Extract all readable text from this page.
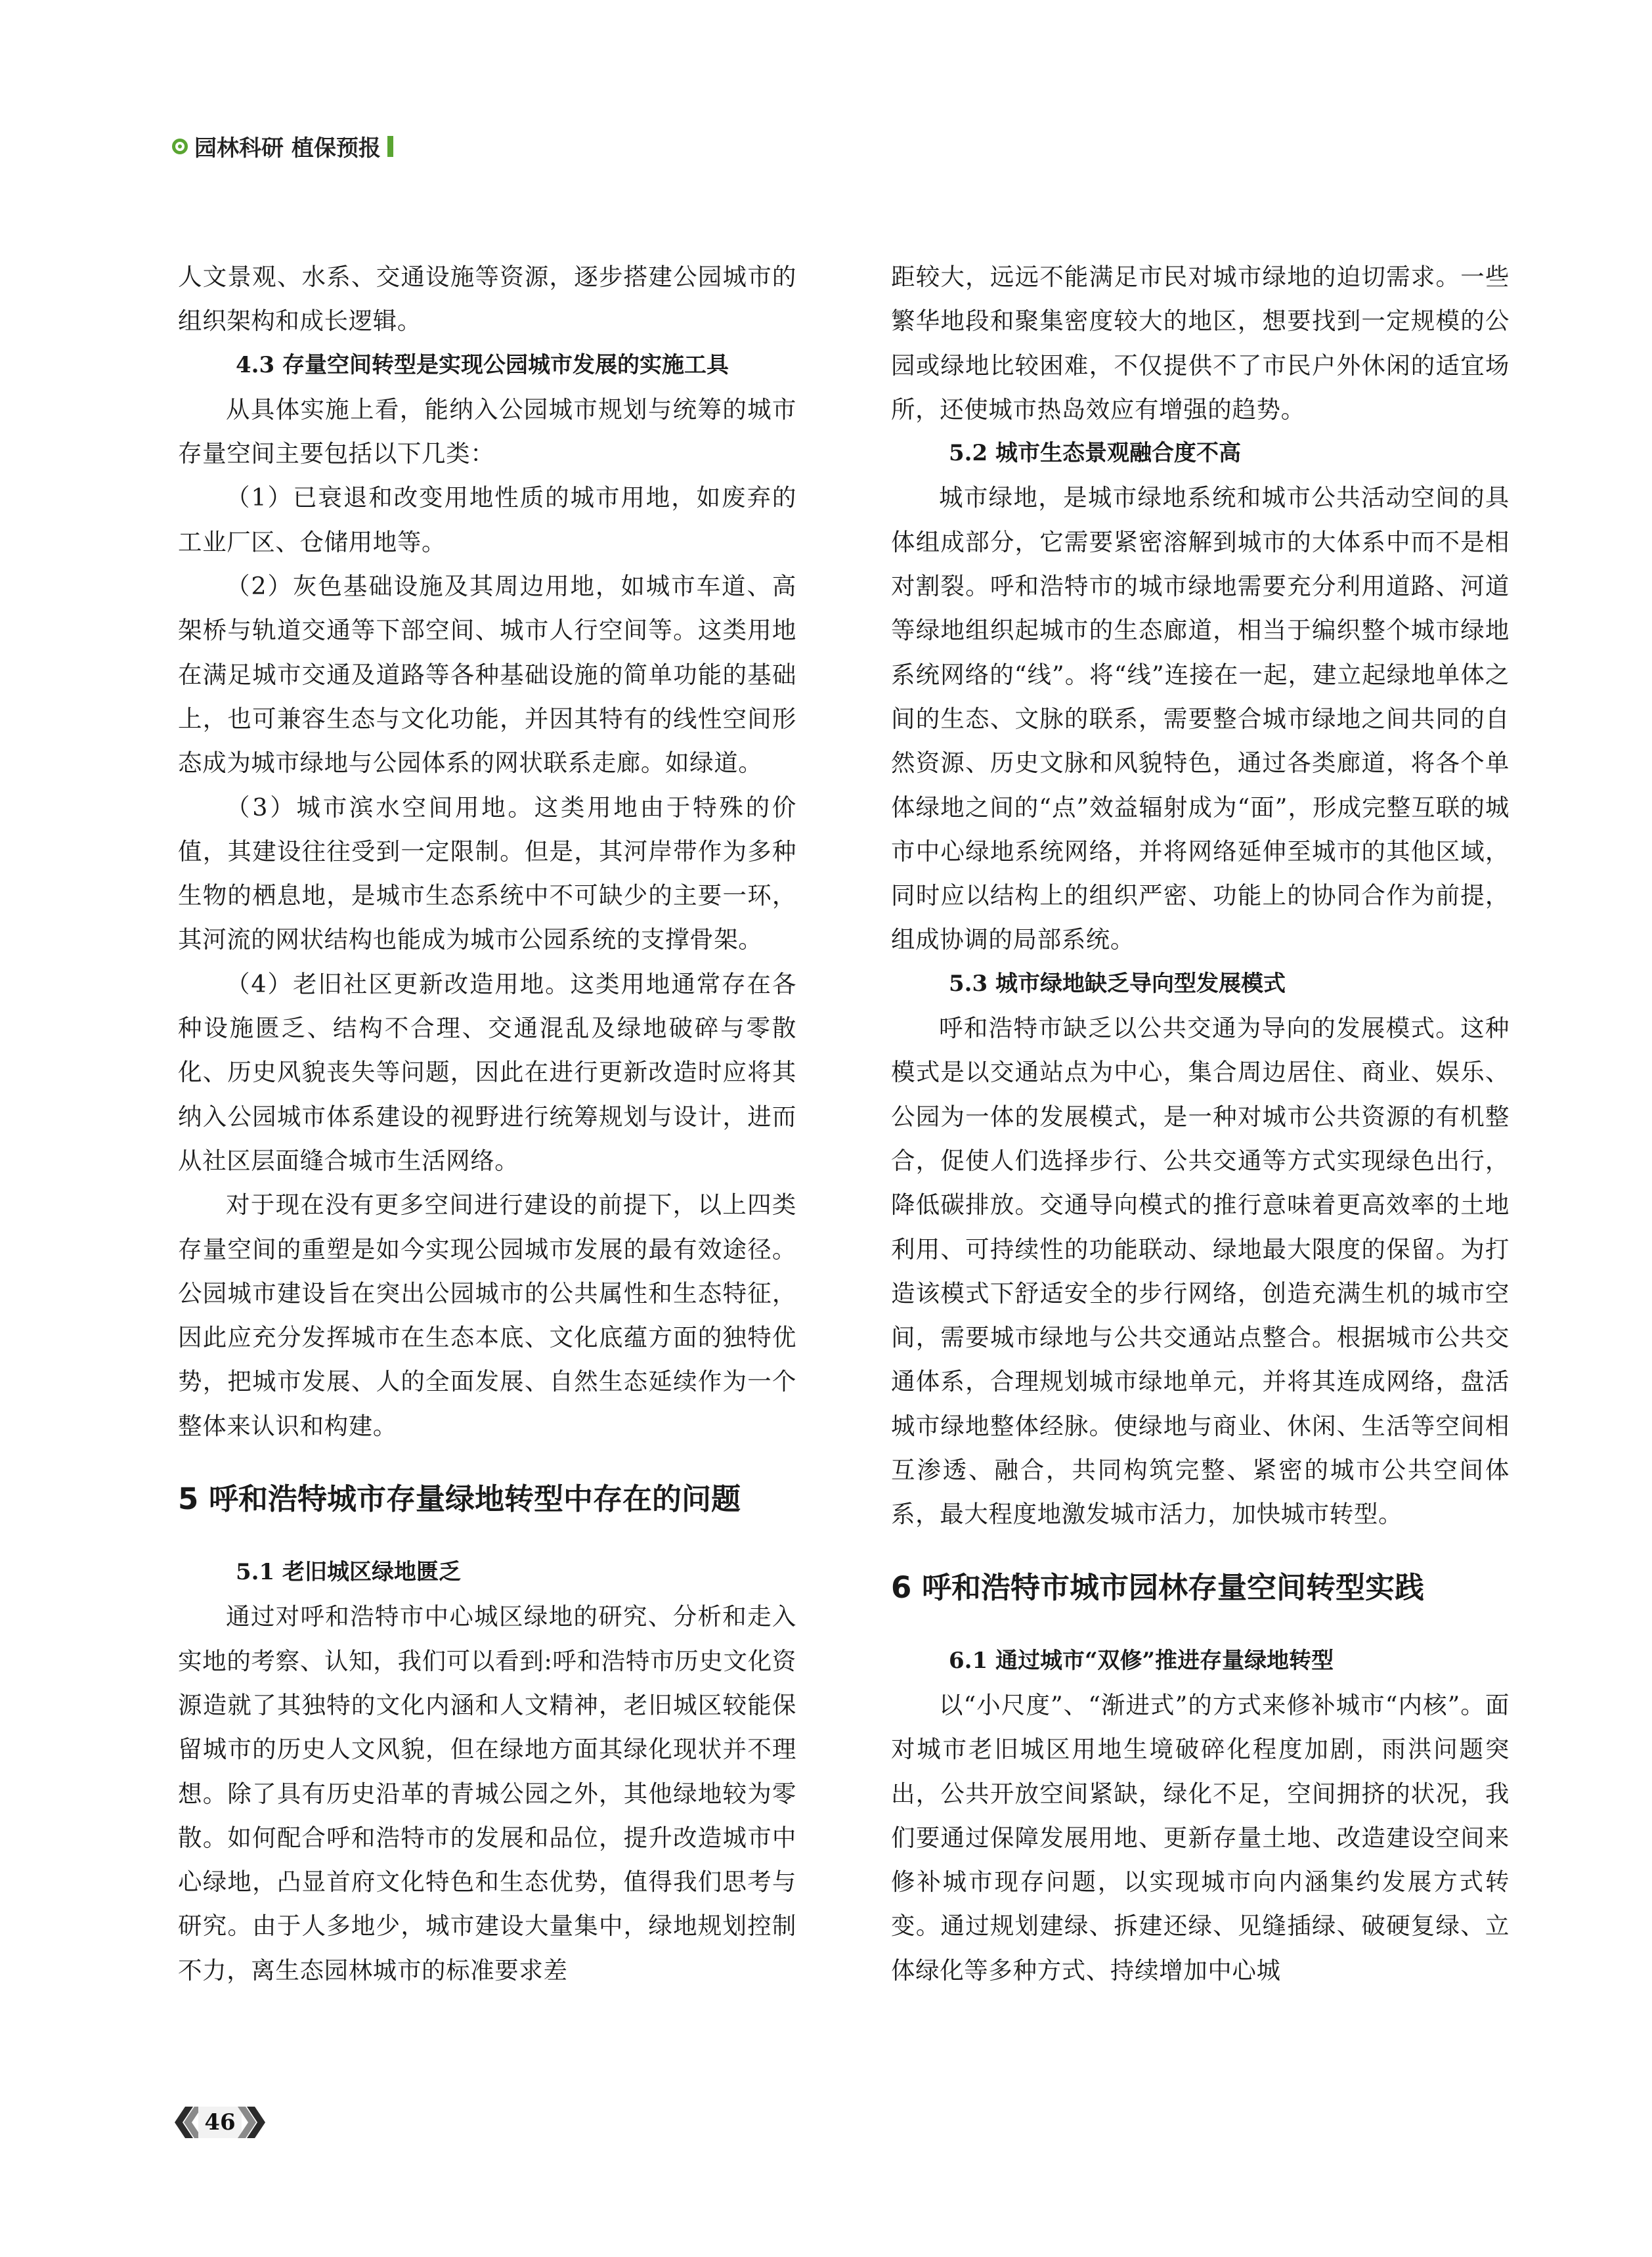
园林科研 植保预报

人文景观、水系、交通设施等资源，逐步搭建公园城市的组织架构和成长逻辑。

4.3 存量空间转型是实现公园城市发展的实施工具

从具体实施上看，能纳入公园城市规划与统筹的城市存量空间主要包括以下几类：

（1）已衰退和改变用地性质的城市用地，如废弃的工业厂区、仓储用地等。

（2）灰色基础设施及其周边用地，如城市车道、高架桥与轨道交通等下部空间、城市人行空间等。这类用地在满足城市交通及道路等各种基础设施的简单功能的基础上，也可兼容生态与文化功能，并因其特有的线性空间形态成为城市绿地与公园体系的网状联系走廊。如绿道。

（3）城市滨水空间用地。这类用地由于特殊的价值，其建设往往受到一定限制。但是，其河岸带作为多种生物的栖息地，是城市生态系统中不可缺少的主要一环，其河流的网状结构也能成为城市公园系统的支撑骨架。

（4）老旧社区更新改造用地。这类用地通常存在各种设施匮乏、结构不合理、交通混乱及绿地破碎与零散化、历史风貌丧失等问题，因此在进行更新改造时应将其纳入公园城市体系建设的视野进行统筹规划与设计，进而从社区层面缝合城市生活网络。

对于现在没有更多空间进行建设的前提下，以上四类存量空间的重塑是如今实现公园城市发展的最有效途径。公园城市建设旨在突出公园城市的公共属性和生态特征，因此应充分发挥城市在生态本底、文化底蕴方面的独特优势，把城市发展、人的全面发展、自然生态延续作为一个整体来认识和构建。

5 呼和浩特城市存量绿地转型中存在的问题

5.1 老旧城区绿地匮乏

通过对呼和浩特市中心城区绿地的研究、分析和走入实地的考察、认知，我们可以看到:呼和浩特市历史文化资源造就了其独特的文化内涵和人文精神，老旧城区较能保留城市的历史人文风貌，但在绿地方面其绿化现状并不理想。除了具有历史沿革的青城公园之外，其他绿地较为零散。如何配合呼和浩特市的发展和品位，提升改造城市中心绿地，凸显首府文化特色和生态优势，值得我们思考与研究。由于人多地少，城市建设大量集中，绿地规划控制不力，离生态园林城市的标准要求差

距较大，远远不能满足市民对城市绿地的迫切需求。一些繁华地段和聚集密度较大的地区，想要找到一定规模的公园或绿地比较困难，不仅提供不了市民户外休闲的适宜场所，还使城市热岛效应有增强的趋势。

5.2 城市生态景观融合度不高

城市绿地，是城市绿地系统和城市公共活动空间的具体组成部分，它需要紧密溶解到城市的大体系中而不是相对割裂。呼和浩特市的城市绿地需要充分利用道路、河道等绿地组织起城市的生态廊道，相当于编织整个城市绿地系统网络的“线”。将“线”连接在一起，建立起绿地单体之间的生态、文脉的联系，需要整合城市绿地之间共同的自然资源、历史文脉和风貌特色，通过各类廊道，将各个单体绿地之间的“点”效益辐射成为“面”，形成完整互联的城市中心绿地系统网络，并将网络延伸至城市的其他区域，同时应以结构上的组织严密、功能上的协同合作为前提，组成协调的局部系统。

5.3 城市绿地缺乏导向型发展模式

呼和浩特市缺乏以公共交通为导向的发展模式。这种模式是以交通站点为中心，集合周边居住、商业、娱乐、公园为一体的发展模式，是一种对城市公共资源的有机整合，促使人们选择步行、公共交通等方式实现绿色出行，降低碳排放。交通导向模式的推行意味着更高效率的土地利用、可持续性的功能联动、绿地最大限度的保留。为打造该模式下舒适安全的步行网络，创造充满生机的城市空间，需要城市绿地与公共交通站点整合。根据城市公共交通体系，合理规划城市绿地单元，并将其连成网络，盘活城市绿地整体经脉。使绿地与商业、休闲、生活等空间相互渗透、融合，共同构筑完整、紧密的城市公共空间体系，最大程度地激发城市活力，加快城市转型。

6 呼和浩特市城市园林存量空间转型实践

6.1 通过城市“双修”推进存量绿地转型

以“小尺度”、“渐进式”的方式来修补城市“内核”。面对城市老旧城区用地生境破碎化程度加剧，雨洪问题突出，公共开放空间紧缺，绿化不足，空间拥挤的状况，我们要通过保障发展用地、更新存量土地、改造建设空间来修补城市现存问题，以实现城市向内涵集约发展方式转变。通过规划建绿、拆建还绿、见缝插绿、破硬复绿、立体绿化等多种方式、持续增加中心城

46
